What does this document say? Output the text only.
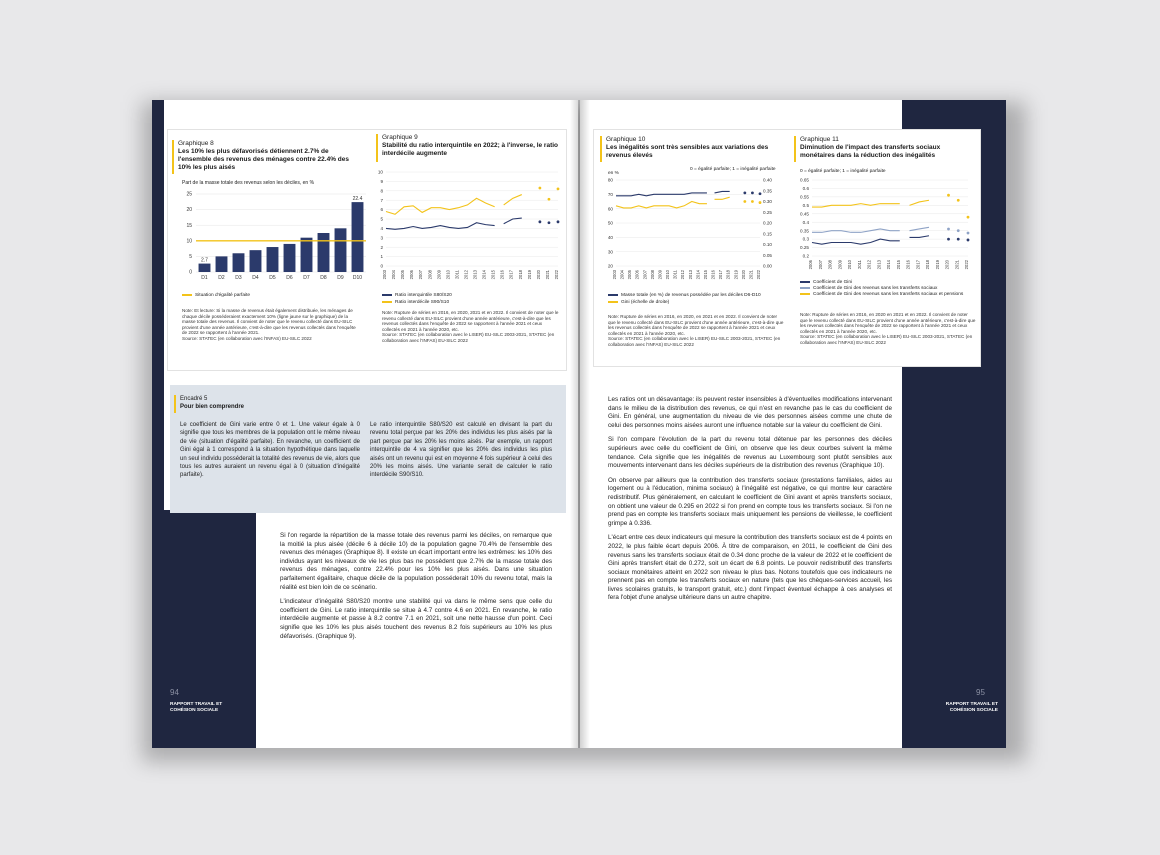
Graphique 8
Les 10% les plus défavorisés détiennent 2.7% de l'ensemble des revenus des ménages contre 22.4% des 10% les plus aisés
Part de la masse totale des revenus selon les déciles, en %
0
5
10
15
20
25
D1
2.7
D2 D3 D4 D5 D6 D7 D8 D9 D10
22.4
Situation d'égalité parfaite
Note: Et lecture: Si la masse de revenus était également distribuée, les ménages de chaque décile posséderaient exactement 10% (ligne jaune sur le graphique) de la masse totale des revenus. Il convient de noter que le revenu collecté dans EU-SILC provient d'une année antérieure, c'est-à-dire que les revenus collectés dans l'enquête de 2022 se rapportent à l'année 2021.
Source: STATEC (en collaboration avec l'INFAS) EU-SILC 2022
Graphique 9
Stabilité du ratio interquintile en 2022; à l'inverse, le ratio interdécile augmente
0
1
2
3
4
5
6
7
8
9
10
2003 2004 2005 2006 2007 2008 2009 2010 2011 2012 2013 2014 2015 2016 2017 2018 2019 2020 2021 2022
Ratio interquintile S80/S20
Ratio interdécile S90/S10
Note: Rupture de séries en 2016, en 2020, 2021 et en 2022. Il convient de noter que le revenu collecté dans EU-SILC provient d'une année antérieure, c'est-à-dire que les revenus collectés dans l'enquête de 2022 se rapportent à l'année 2021 et ceux collectés en 2021 à l'année 2020, etc.
Source: STATEC (en collaboration avec le LISER) EU-SILC 2003-2021, STATEC (en collaboration avec l'INFAS) EU-SILC 2022
Encadré 5
Pour bien comprendre
Le coefficient de Gini varie entre 0 et 1. Une valeur égale à 0 signifie que tous les membres de la population ont le même niveau de vie (situation d'égalité parfaite). En revanche, un coefficient de Gini égal à 1 correspond à la situation hypothétique dans laquelle un seul individu posséderait la totalité des revenus de vie, alors que tous les autres auraient un revenu égal à 0 (situation d'inégalité parfaite).
Le ratio interquintile S80/S20 est calculé en divisant la part du revenu total perçue par les 20% des individus les plus aisés par la part perçue par les 20% les moins aisés. Par exemple, un rapport interquintile de 4 va signifier que les 20% des individus les plus aisés ont un revenu qui est en moyenne 4 fois supérieur à celui des 20% les moins aisés. Une variante serait de calculer le ratio interdécile S90/S10.

Si l'on regarde la répartition de la masse totale des revenus parmi les déciles, on remarque que la moitié la plus aisée (décile 6 à décile 10) de la population gagne 70.4% de l'ensemble des revenus des ménages (Graphique 8). Il existe un écart important entre les extrêmes: les 10% des individus ayant les niveaux de vie les plus bas ne possèdent que 2.7% de la masse totale des revenus des ménages, contre 22.4% pour les 10% les plus aisés. Dans une situation parfaitement égalitaire, chaque décile de la population posséderait 10% du revenu total, mais la réalité est bien loin de ce scénario.

L'indicateur d'inégalité S80/S20 montre une stabilité qui va dans le même sens que celle du coefficient de Gini. Le ratio interquintile se situe à 4.7 contre 4.6 en 2021. En revanche, le ratio interdécile augmente et passe à 8.2 contre 7.1 en 2021, soit une nette hausse d'un point. Ceci signifie que les 10% les plus aisés touchent des revenus 8.2 fois supérieurs au 10% les plus défavorisés. (Graphique 9).

94
RAPPORT TRAVAIL ET
COHÉSION SOCIALE
Graphique 10
Les inégalités sont très sensibles aux variations des revenus élevés
en %
0 = égalité parfaite; 1 = inégalité parfaite
20
30
40
50
60
70
80
0.00
0.05
0.10
0.15
0.20
0.25
0.30
0.35
0.40
2003 2004 2005 2006 2007 2008 2009 2010 2011 2012 2013 2014 2015 2016 2017 2018 2019 2020 2021 2022
Masse totale (en %) de revenus possédée par les déciles D6-D10
Gini (échelle de droite)
Note: Rupture de séries en 2016, en 2020, en 2021 et en 2022. Il convient de noter que le revenu collecté dans EU-SILC provient d'une année antérieure, c'est-à-dire que les revenus collectés dans l'enquête de 2022 se rapportent à l'année 2021 et ceux collectés en 2021 à l'année 2020, etc.
Source: STATEC (en collaboration avec le LISER) EU-SILC 2003-2021, STATEC (en collaboration avec l'INFAS) EU-SILC 2022
Graphique 11
Diminution de l'impact des transferts sociaux monétaires dans la réduction des inégalités
0 = égalité parfaite; 1 = inégalité parfaite
0.2
0.25
0.3
0.35
0.4
0.45
0.5
0.55
0.6
0.65
2006 2007 2008 2009 2010 2011 2012 2013 2014 2015 2016 2017 2018 2019 2020 2021 2022
Coefficient de Gini
Coefficient de Gini des revenus sans les transferts sociaux
Coefficient de Gini des revenus sans les transferts sociaux et pensions
Note: Rupture de séries en 2016, en 2020 en 2021 et en 2022. Il convient de noter que le revenu collecté dans EU-SILC provient d'une année antérieure, c'est-à-dire que les revenus collectés dans l'enquête de 2022 se rapportent à l'année 2021 et ceux collectés en 2021 à l'année 2020, etc.
Source: STATEC (en collaboration avec le LISER) EU-SILC 2003-2021, STATEC (en collaboration avec l'INFAS) EU-SILC 2022

Les ratios ont un désavantage: ils peuvent rester insensibles à d'éventuelles modifications intervenant dans le milieu de la distribution des revenus, ce qui n'est en revanche pas le cas du coefficient de Gini. En général, une augmentation du niveau de vie des personnes aisées comme une chute de celui des personnes moins aisées auront une influence notable sur la valeur du coefficient de Gini.

Si l'on compare l'évolution de la part du revenu total détenue par les personnes des déciles supérieurs avec celle du coefficient de Gini, on observe que les deux courbes suivent la même tendance. Cela signifie que les inégalités de revenus au Luxembourg sont plutôt sensibles aux mouvements intervenant dans les déciles supérieurs de la distribution des revenus (Graphique 10).

On observe par ailleurs que la contribution des transferts sociaux (prestations familiales, aides au logement ou à l'éducation, minima sociaux) à l'inégalité est négative, ce qui montre leur caractère redistributif. Plus généralement, en calculant le coefficient de Gini avant et après transferts sociaux, on obtient une valeur de 0.295 en 2022 si l'on prend en compte tous les transferts sociaux. Si l'on ne prend pas en compte les transferts sociaux mais uniquement les pensions de vieillesse, le coefficient grimpe à 0.336.

L'écart entre ces deux indicateurs qui mesure la contribution des transferts sociaux est de 4 points en 2022, le plus faible écart depuis 2006. À titre de comparaison, en 2011, le coefficient de Gini des revenus sans les transferts sociaux était de 0.34 donc proche de la valeur de 2022 et le coefficient de Gini après transfert était de 0.272, soit un écart de 6.8 points. Le pouvoir redistributif des transferts sociaux monétaires atteint en 2022 son niveau le plus bas. Notons toutefois que ces indicateurs ne prennent pas en compte les transferts sociaux en nature (tels que les chèques-services accueil, les livres scolaires gratuits, le transport gratuit, etc.) dont l'impact éventuel échappe à ces analyses et fera l'objet d'une analyse ultérieure dans un autre chapitre.

95
RAPPORT TRAVAIL ET
COHÉSION SOCIALE
